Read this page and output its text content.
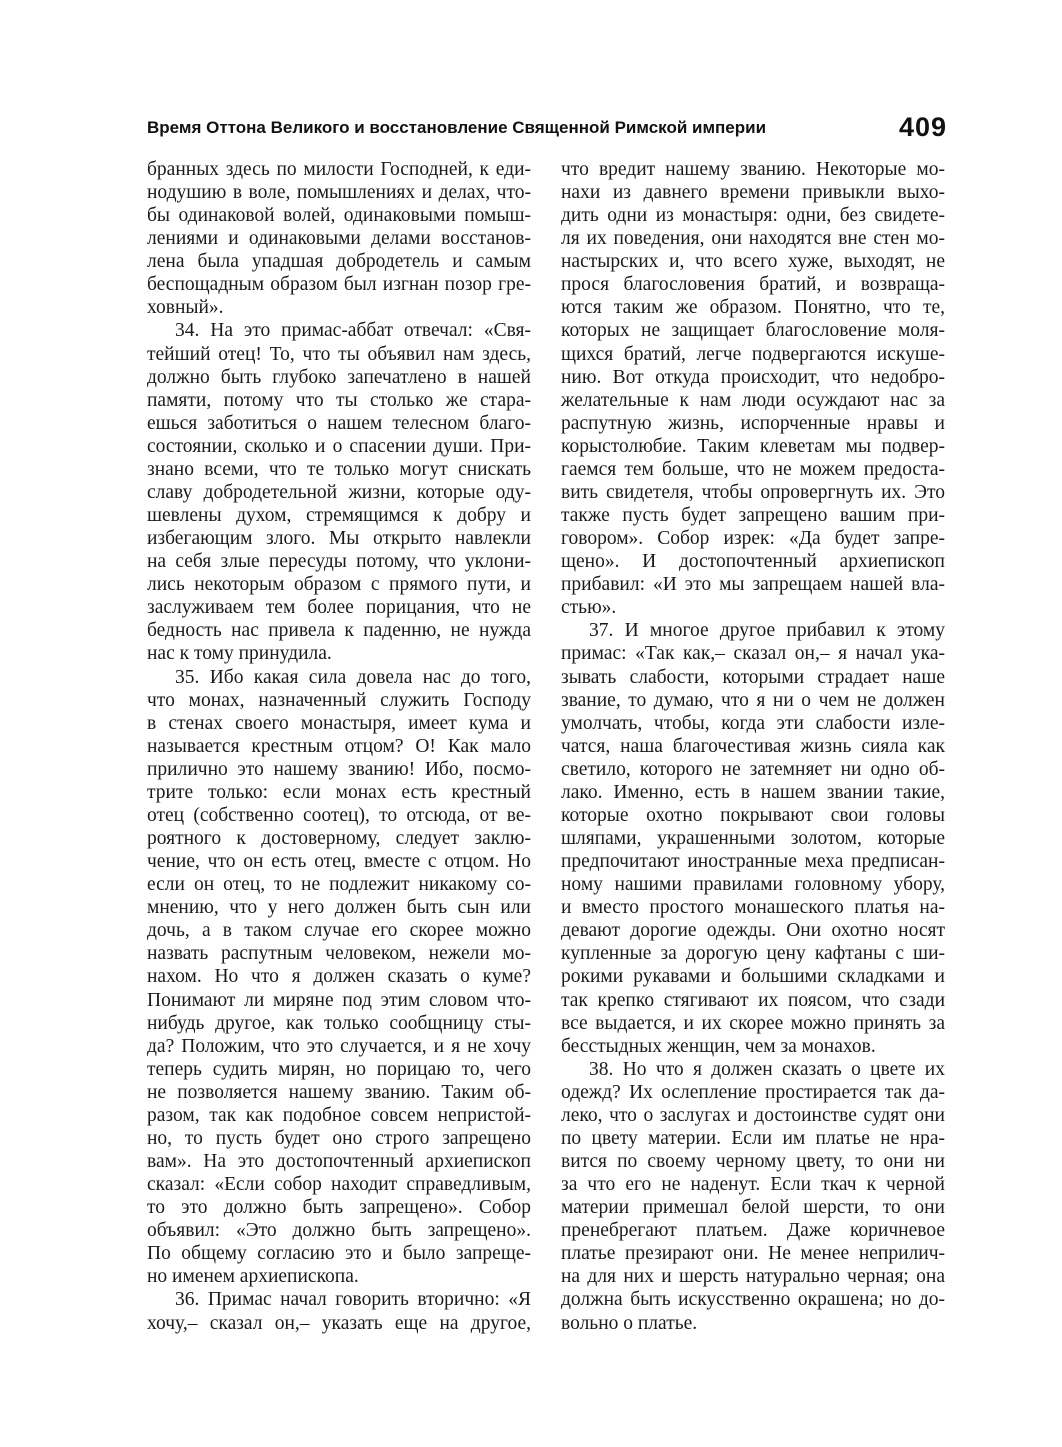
Время Оттона Великого и восстановление Священной Римской империи	409
бранных здесь по милости Господней, к еди-
нодушию в воле, помышлениях и делах, что-
бы одинаковой волей, одинаковыми помыш-
лениями и одинаковыми делами восстанов-
лена была упадшая добродетель и самым
беспощадным образом был изгнан позор гре-
ховный».
34. На это примас-аббат отвечал: «Свя-
тейший отец! То, что ты объявил нам здесь,
должно быть глубоко запечатлено в нашей
памяти, потому что ты столько же стара-
ешься заботиться о нашем телесном благо-
состоянии, сколько и о спасении души. При-
знано всеми, что те только могут снискать
славу добродетельной жизни, которые оду-
шевлены духом, стремящимся к добру и
избегающим злого. Мы открыто навлекли
на себя злые пересуды потому, что уклони-
лись некоторым образом с прямого пути, и
заслуживаем тем более порицания, что не
бедность нас привела к паденню, не нужда
нас к тому принудила.
35. Ибо какая сила довела нас до того,
что монах, назначенный служить Господу
в стенах своего монастыря, имеет кума и
называется крестным отцом? О! Как мало
прилично это нашему званию! Ибо, посмо-
трите только: если монах есть крестный
отец (собственно соотец), то отсюда, от ве-
роятного к достоверному, следует заклю-
чение, что он есть отец, вместе с отцом. Но
если он отец, то не подлежит никакому со-
мнению, что у него должен быть сын или
дочь, а в таком случае его скорее можно
назвать распутным человеком, нежели мо-
нахом. Но что я должен сказать о куме?
Понимают ли миряне под этим словом что-
нибудь другое, как только сообщницу сты-
да? Положим, что это случается, и я не хочу
теперь судить мирян, но порицаю то, чего
не позволяется нашему званию. Таким об-
разом, так как подобное совсем непристой-
но, то пусть будет оно строго запрещено
вам». На это достопочтенный архиепископ
сказал: «Если собор находит справедливым,
то это должно быть запрещено». Собор
объявил: «Это должно быть запрещено».
По общему согласию это и было запреще-
но именем архиепископа.
36. Примас начал говорить вторично: «Я
хочу,– сказал он,– указать еще на другое,
что вредит нашему званию. Некоторые мо-
нахи из давнего времени привыкли выхо-
дить одни из монастыря: одни, без свидете-
ля их поведения, они находятся вне стен мо-
настырских и, что всего хуже, выходят, не
прося благословения братий, и возвраща-
ются таким же образом. Понятно, что те,
которых не защищает благословение моля-
щихся братий, легче подвергаются искуше-
нию. Вот откуда происходит, что недобро-
желательные к нам люди осуждают нас за
распутную жизнь, испорченные нравы и
корыстолюбие. Таким клеветам мы подвер-
гаемся тем больше, что не можем предоста-
вить свидетеля, чтобы опровергнуть их. Это
также пусть будет запрещено вашим при-
говором». Собор изрек: «Да будет запре-
щено». И достопочтенный архиепископ
прибавил: «И это мы запрещаем нашей вла-
стью».
37. И многое другое прибавил к этому
примас: «Так как,– сказал он,– я начал ука-
зывать слабости, которыми страдает наше
звание, то думаю, что я ни о чем не должен
умолчать, чтобы, когда эти слабости изле-
чатся, наша благочестивая жизнь сияла как
светило, которого не затемняет ни одно об-
лако. Именно, есть в нашем звании такие,
которые охотно покрывают свои головы
шляпами, украшенными золотом, которые
предпочитают иностранные меха предписан-
ному нашими правилами головному убору,
и вместо простого монашеского платья на-
девают дорогие одежды. Они охотно носят
купленные за дорогую цену кафтаны с ши-
рокими рукавами и большими складками и
так крепко стягивают их поясом, что сзади
все выдается, и их скорее можно принять за
бесстыдных женщин, чем за монахов.
38. Но что я должен сказать о цвете их
одежд? Их ослепление простирается так да-
леко, что о заслугах и достоинстве судят они
по цвету материи. Если им платье не нра-
вится по своему черному цвету, то они ни
за что его не наденут. Если ткач к черной
материи примешал белой шерсти, то они
пренебрегают платьем. Даже коричневое
платье презирают они. Не менее неприлич-
на для них и шерсть натурально черная; она
должна быть искусственно окрашена; но до-
вольно о платье.
